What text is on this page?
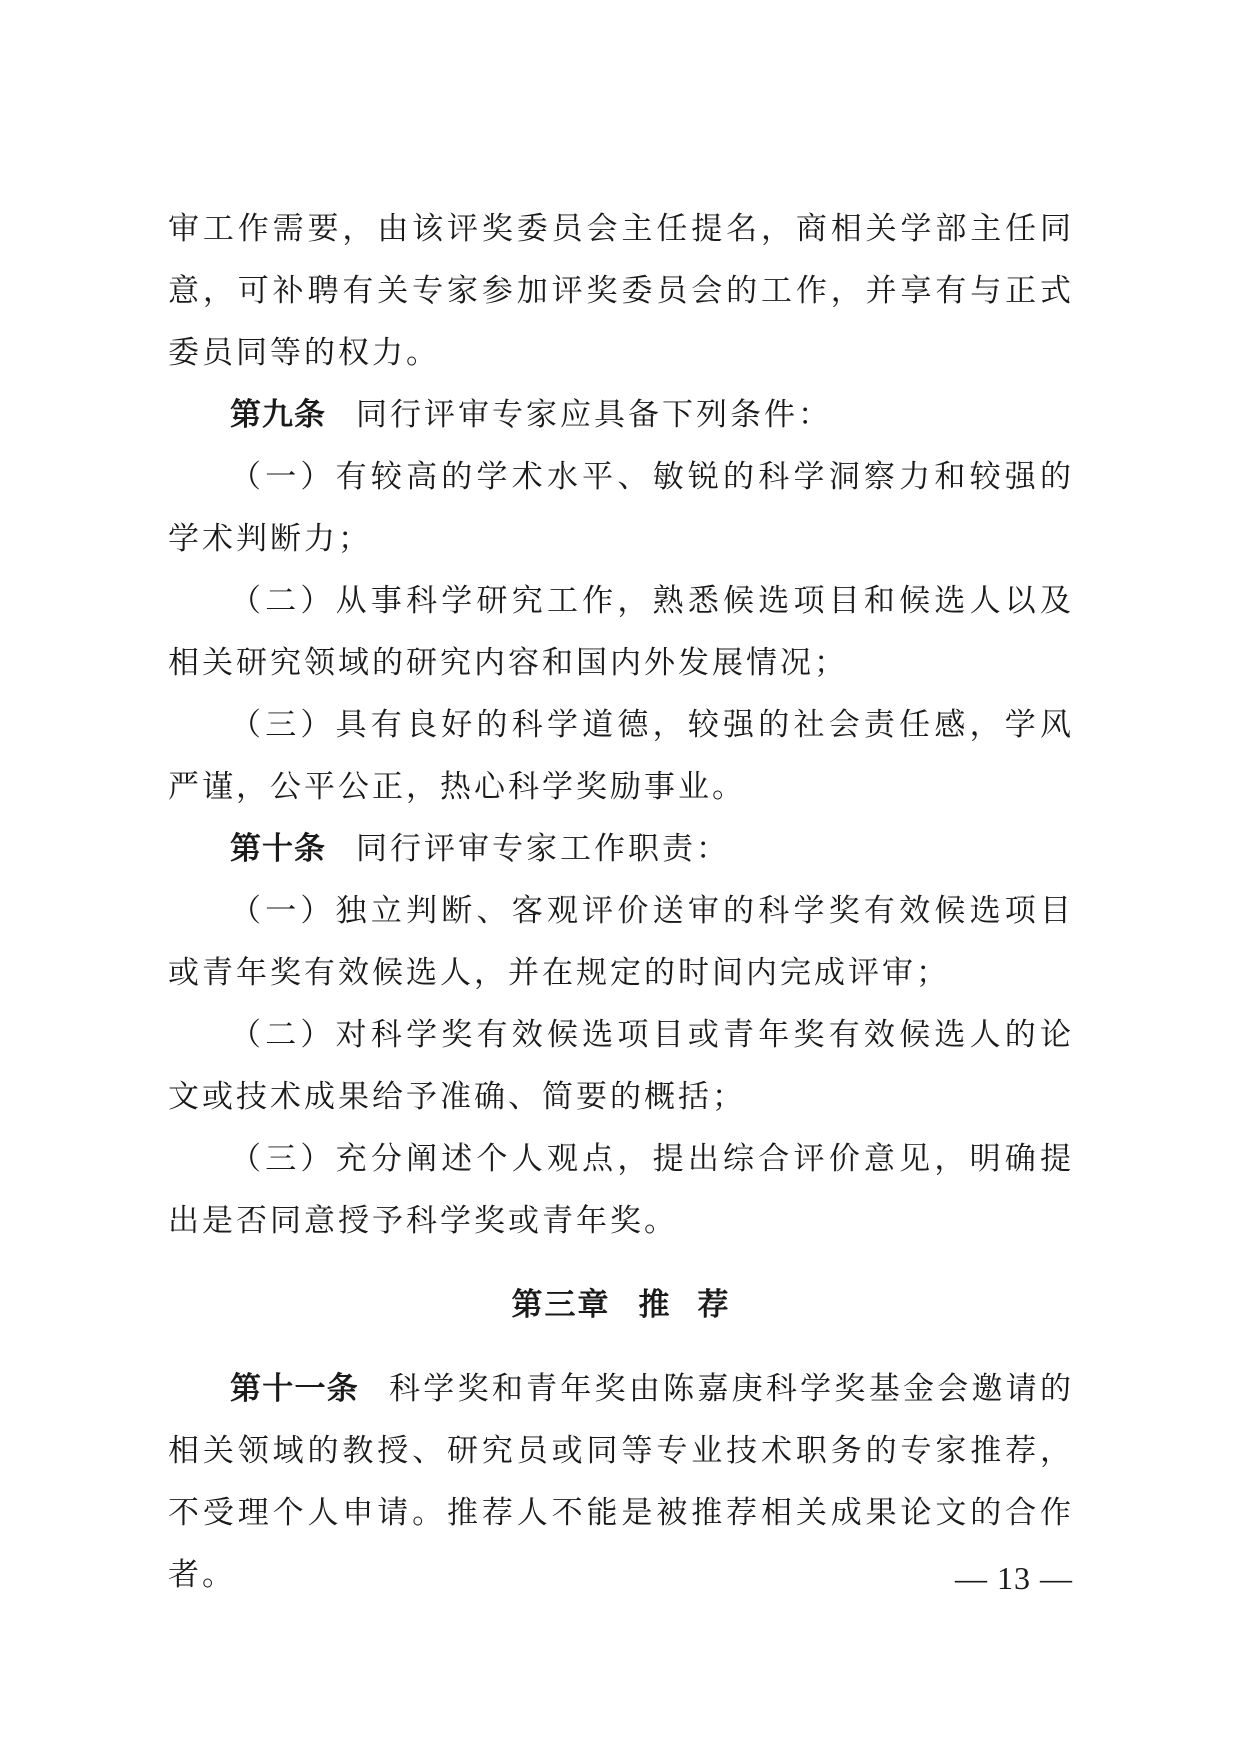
审工作需要，由该评奖委员会主任提名，商相关学部主任同意，可补聘有关专家参加评奖委员会的工作，并享有与正式委员同等的权力。

第九条 同行评审专家应具备下列条件：

（一）有较高的学术水平、敏锐的科学洞察力和较强的学术判断力；

（二）从事科学研究工作，熟悉候选项目和候选人以及相关研究领域的研究内容和国内外发展情况；

（三）具有良好的科学道德，较强的社会责任感，学风严谨，公平公正，热心科学奖励事业。

第十条 同行评审专家工作职责：

（一）独立判断、客观评价送审的科学奖有效候选项目或青年奖有效候选人，并在规定的时间内完成评审；

（二）对科学奖有效候选项目或青年奖有效候选人的论文或技术成果给予准确、简要的概括；

（三）充分阐述个人观点，提出综合评价意见，明确提出是否同意授予科学奖或青年奖。

第三章 推 荐

第十一条 科学奖和青年奖由陈嘉庚科学奖基金会邀请的相关领域的教授、研究员或同等专业技术职务的专家推荐，不受理个人申请。推荐人不能是被推荐相关成果论文的合作者。	— 13 —
